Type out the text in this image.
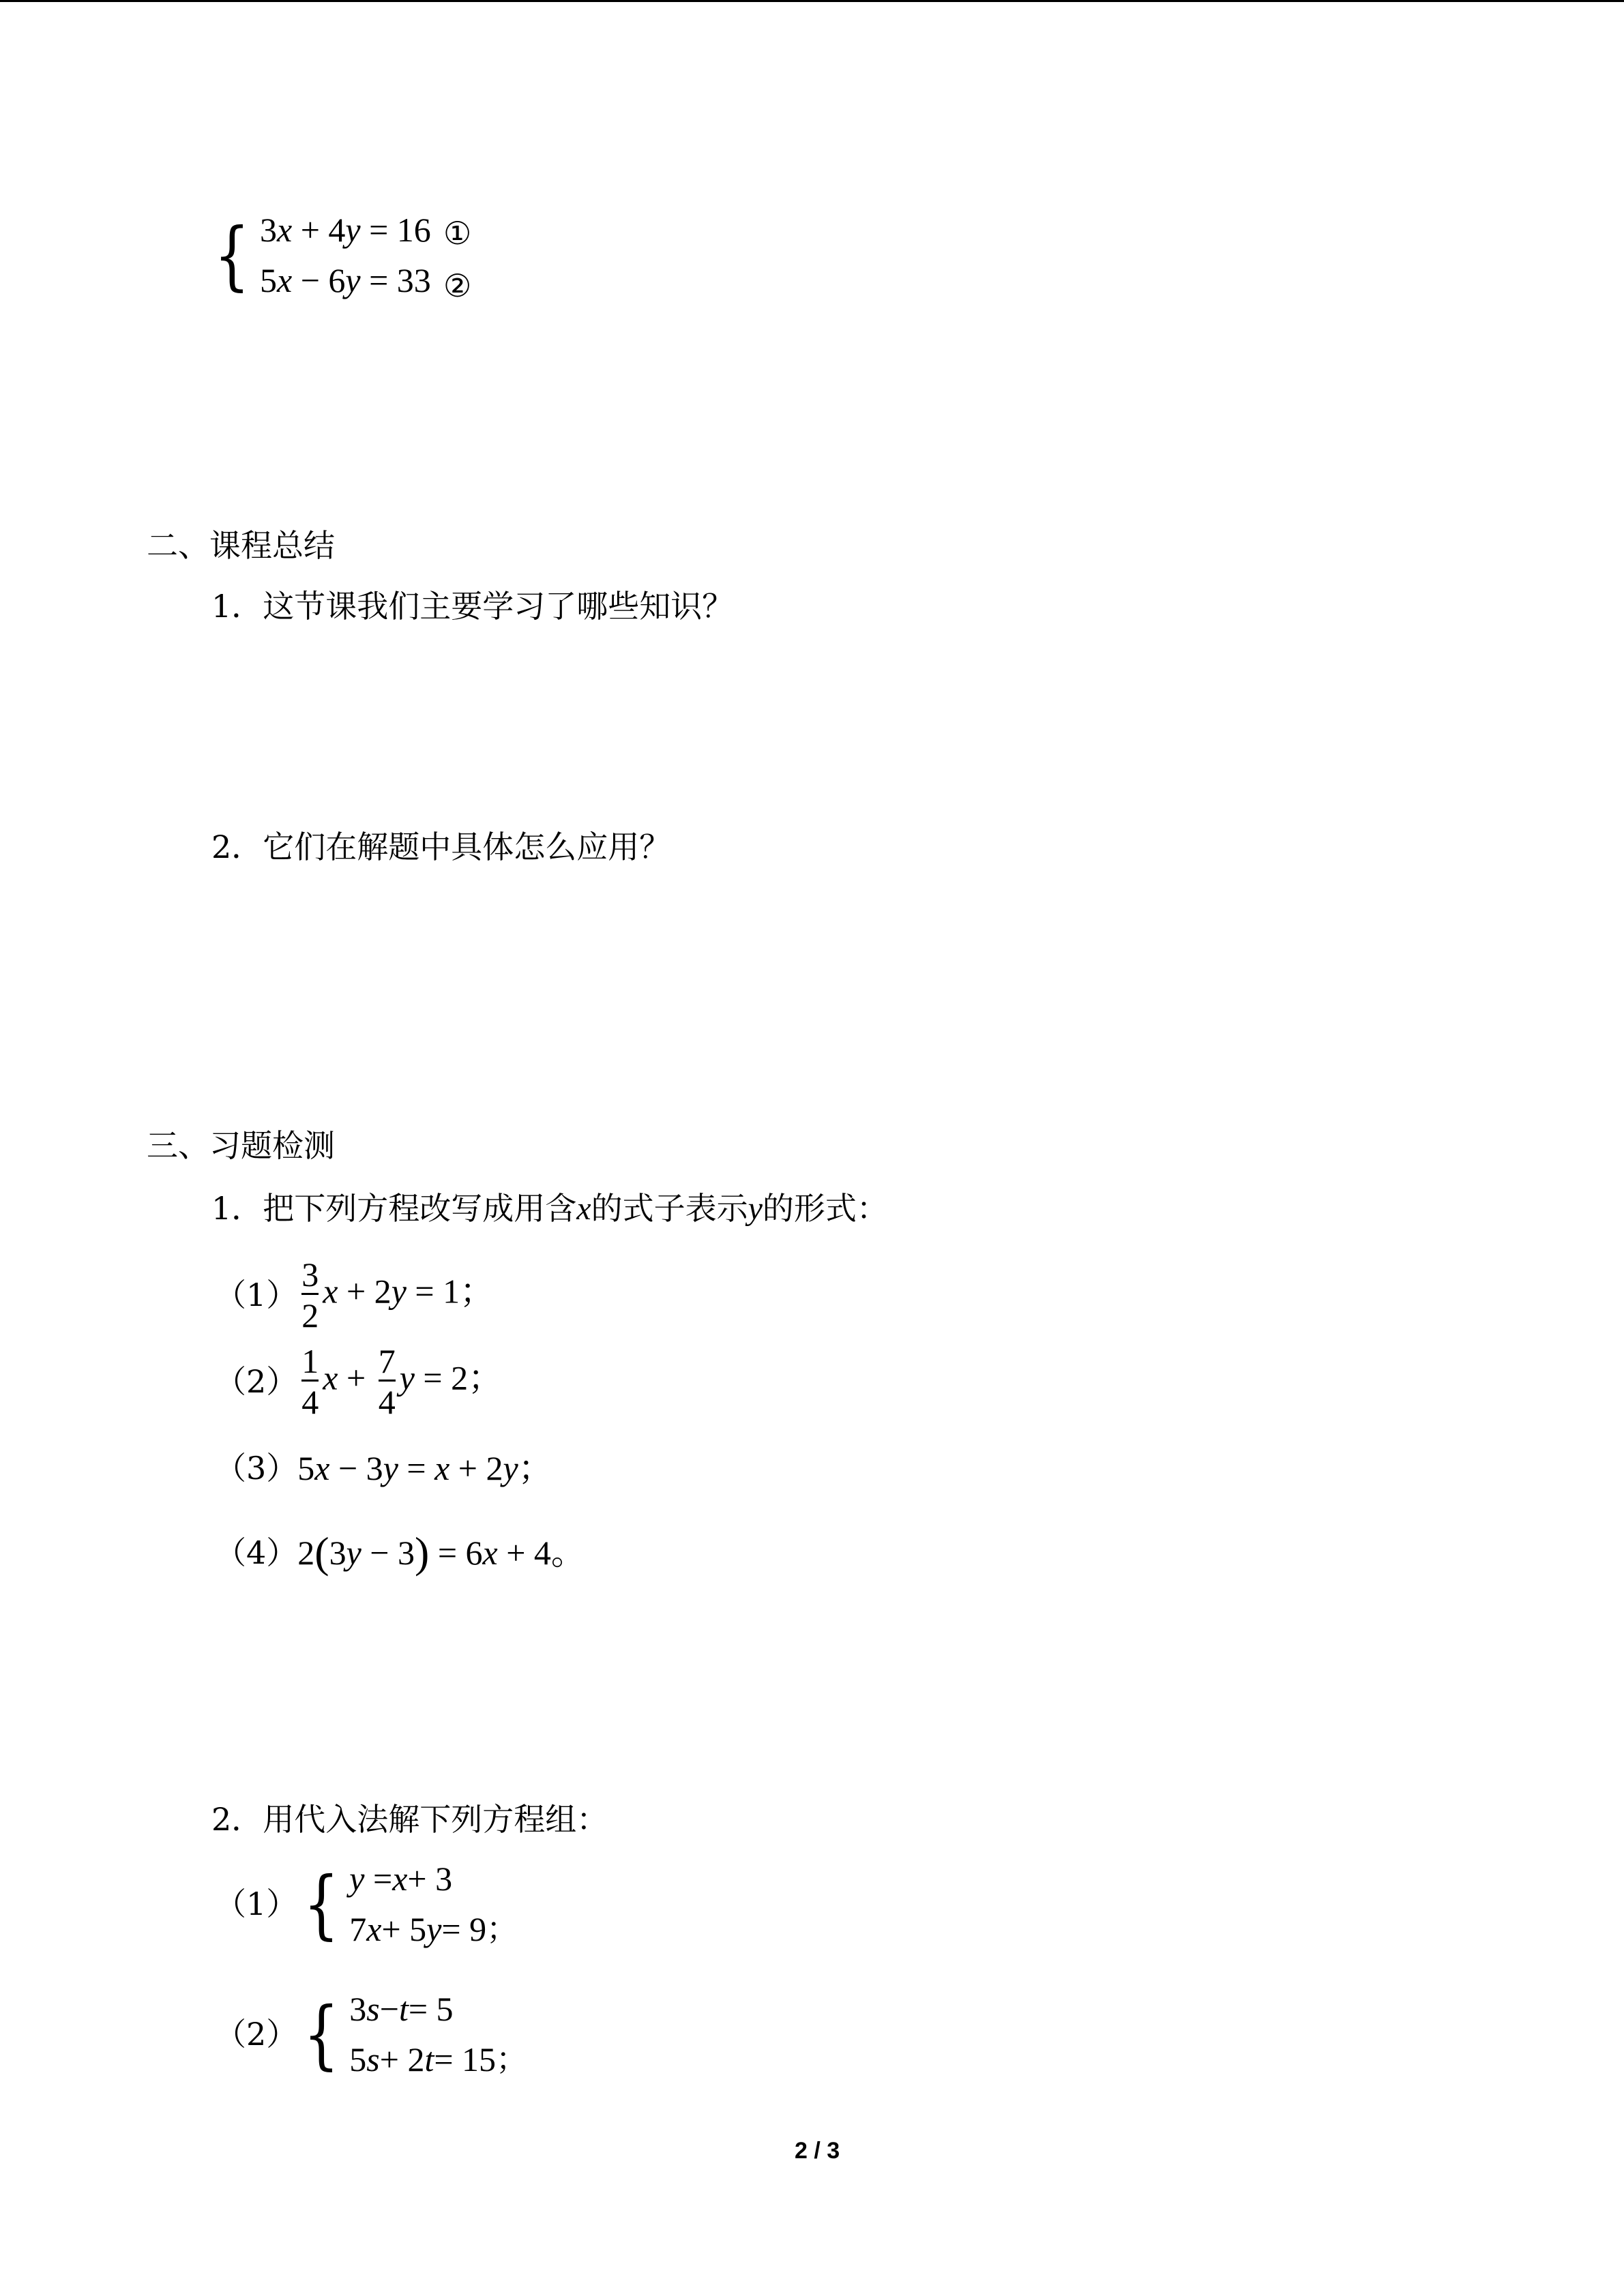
{ 3x + 4y = 16
5x − 6y = 33
①
②
二、课程总结
1．这节课我们主要学习了哪些知识？
2．它们在解题中具体怎么应用？
三、习题检测
1．把下列方程改写成用含x的式子表示y的形式：
$(1) \frac{3}{2}$ x + 2y = 1；
$(2) \frac{1}{4}$ $x + \frac{7}{4}$ y = 2；
（3） 5x − 3y = x + 2y；
（4） 2(3y − 3) = 6x + 4。
2．用代入法解下列方程组：
（1） { y = x + 3
7 x + 5 y = 9 ；
（2） { 3 s − t = 5
5 s + 2 t = 15 ；
2 / 3
